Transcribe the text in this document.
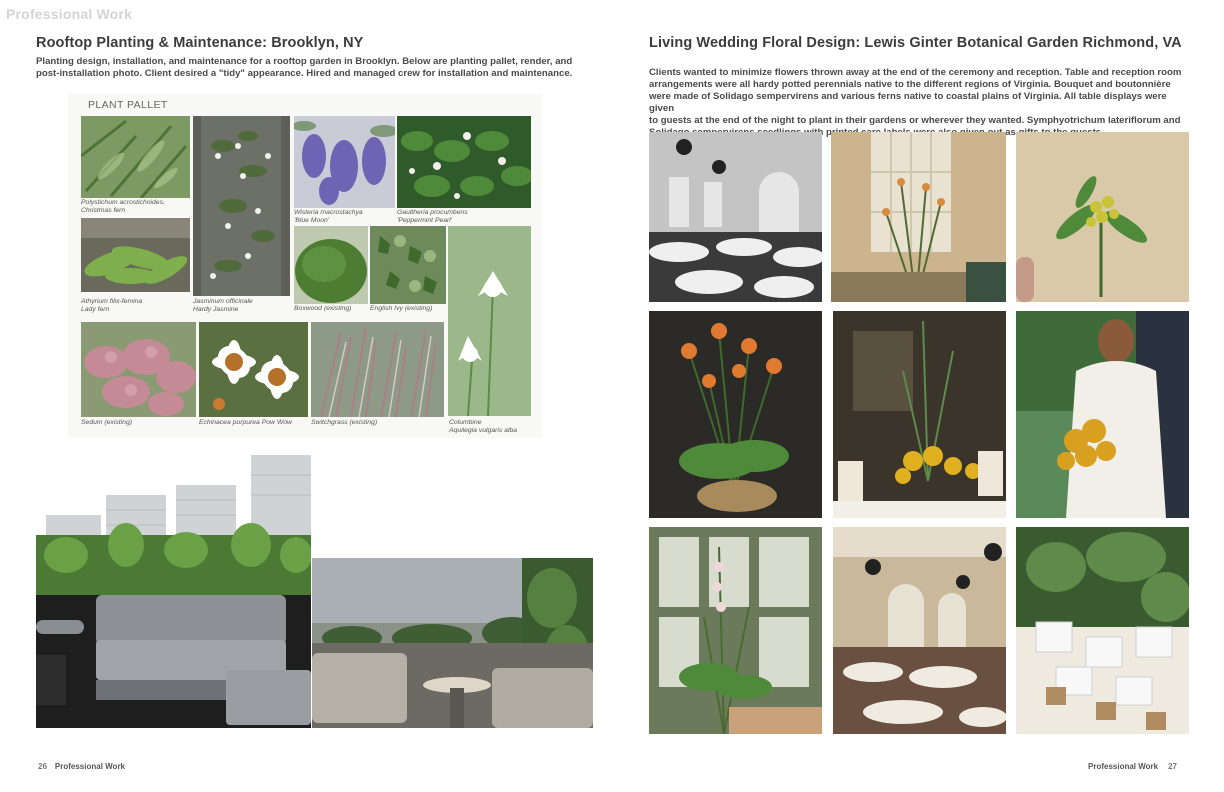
Professional Work
Rooftop Planting & Maintenance: Brooklyn, NY
Planting design, installation, and maintenance for a rooftop garden in Brooklyn. Below are planting pallet, render, and
post-installation photo. Client desired a "tidy" appearance. Hired and managed crew for installation and maintenance.
PLANT PALLET
Polystichum acrostichoides,
Christmas fern
Athyrium filix-femina
Lady fern
Jasminum officinale
Hardy Jasmine
Wisteria macrostachya
'Blue Moon'
Gaultheria procumbens
'Peppermint Pearl'
Boxwood (existing)	English Ivy (existing)
Columbine
Aquilegia vulgaris alba
Sedum (existing)	Echinacea purpurea Pow Wow	Switchgrass (existing)
26 Professional Work
Living Wedding Floral Design: Lewis Ginter Botanical Garden Richmond, VA
Clients wanted to minimize flowers thrown away at the end of the ceremony and reception. Table and reception room
arrangements were all hardy potted perennials native to the different regions of Virginia. Bouquet and boutonnière
were made of Solidago sempervirens and various ferns native to coastal plains of Virginia. All table displays were given
to guests at the end of the night to plant in their gardens or wherever they wanted. Symphyotrichum lateriflorum and
as
Professional Work 27
